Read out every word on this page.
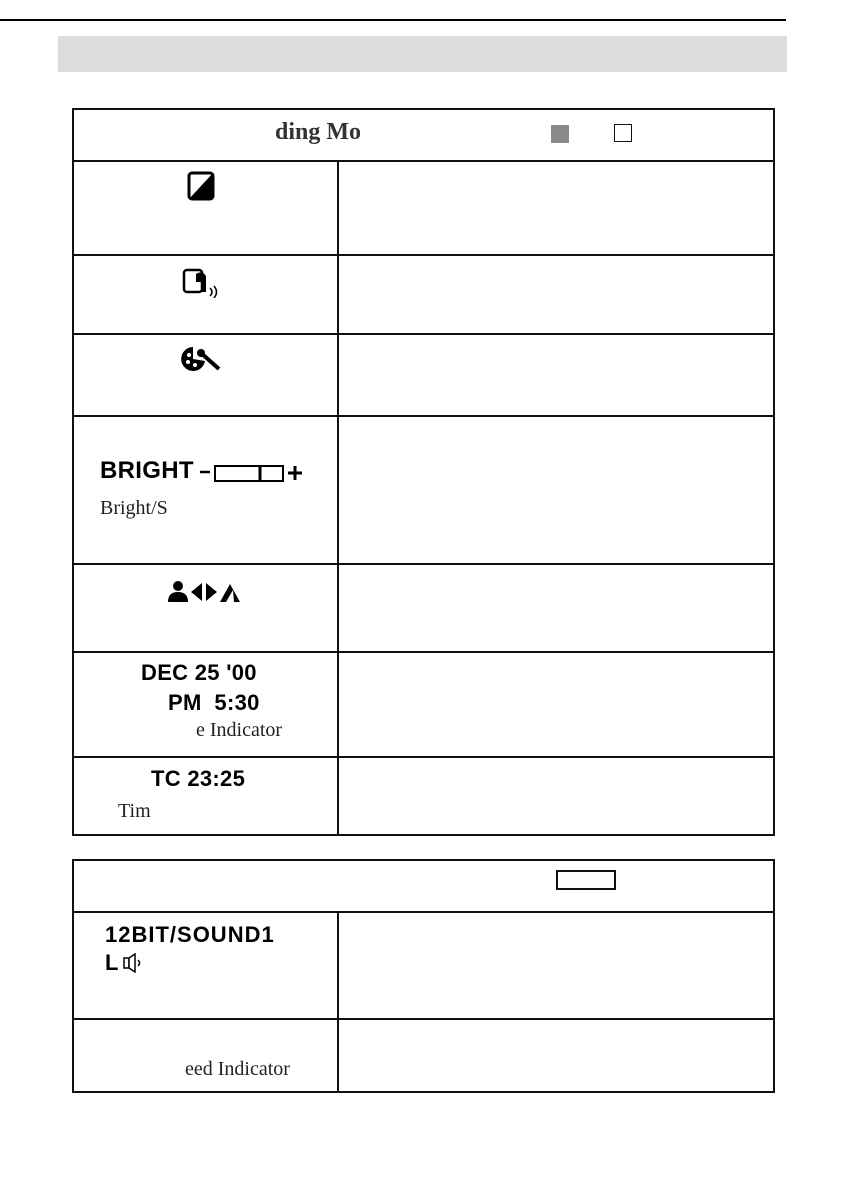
ding Mo
BRIGHT
Bright/S
DEC 25 '00
PM  5:30
e Indicator
TC 23:25
Tim
12BIT/SOUND1
L
eed Indicator
